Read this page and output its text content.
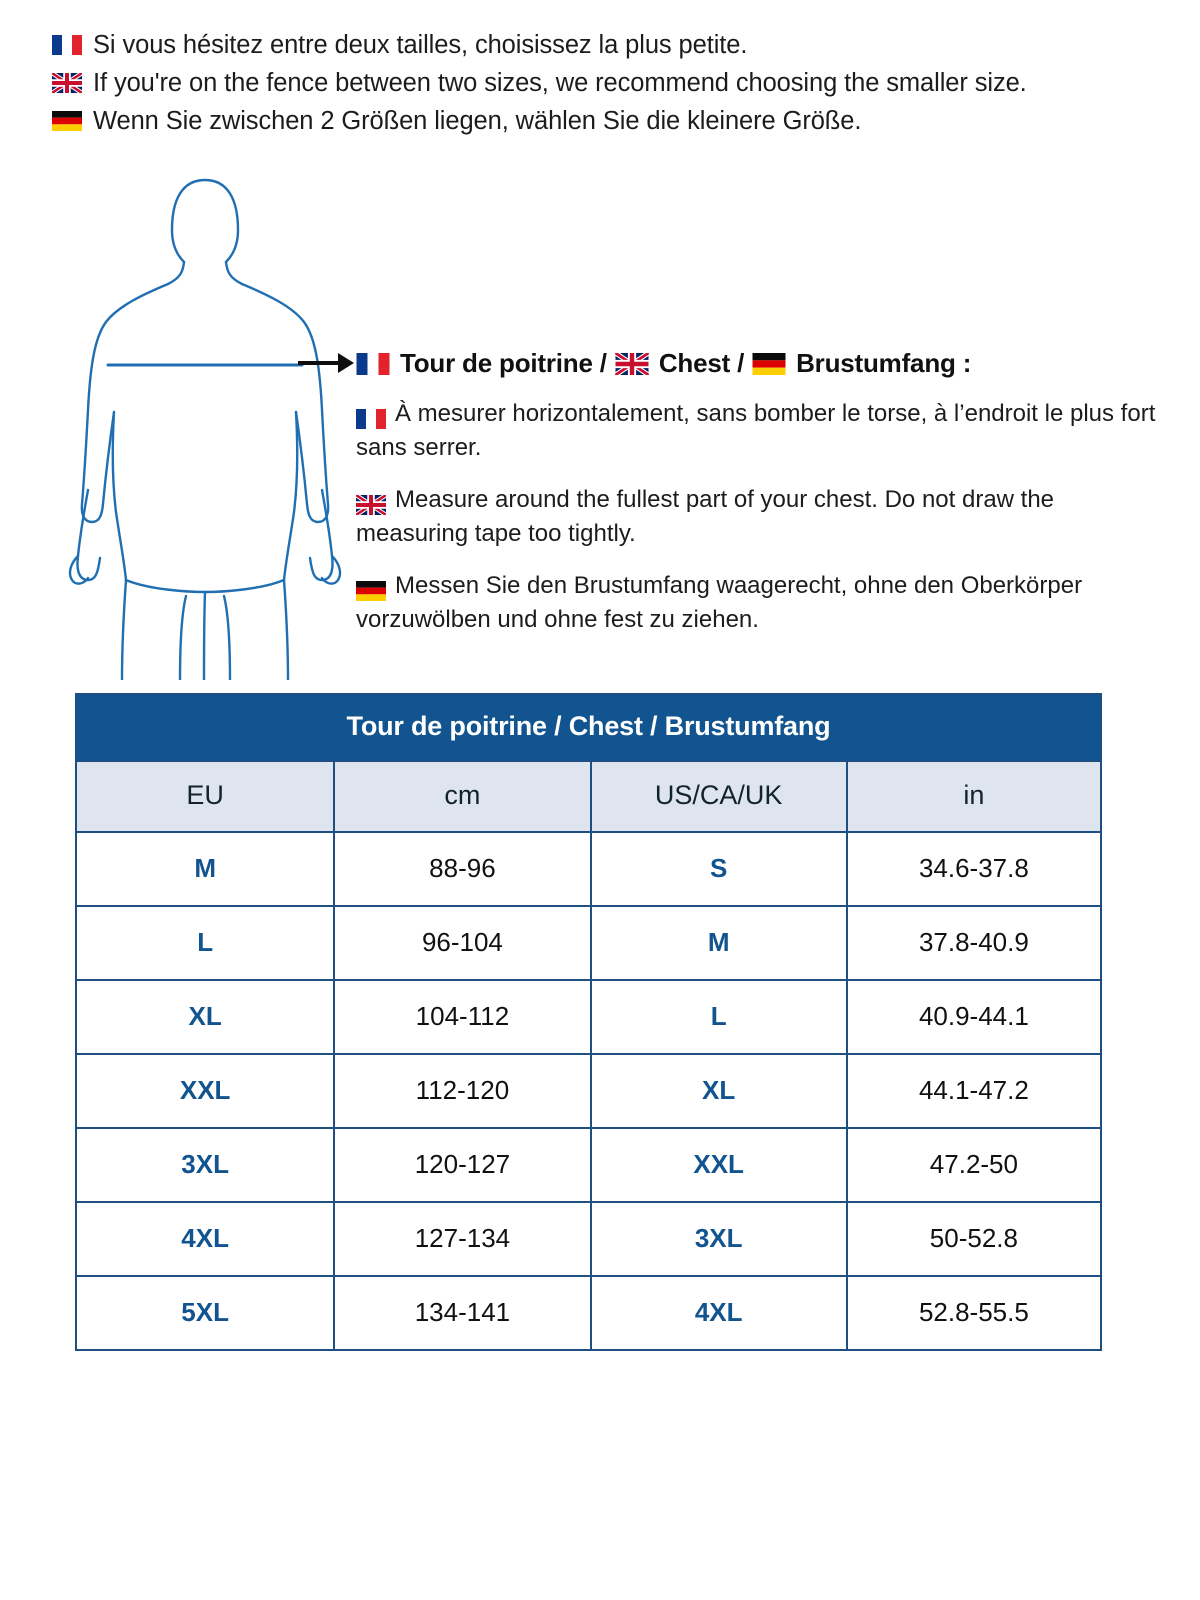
Si vous hésitez entre deux tailles, choisissez la plus petite.
If you're on the fence between two sizes, we recommend choosing the smaller size.
Wenn Sie zwischen 2 Größen liegen, wählen Sie die kleinere Größe.
Tour de poitrine / Chest / Brustumfang :
À mesurer horizontalement, sans bomber le torse, à l’endroit le plus fort sans serrer.
Measure around the fullest part of your chest. Do not draw the measuring tape too tightly.
Messen Sie den Brustumfang waagerecht, ohne den Oberkörper vorzuwölben und ohne fest zu ziehen.
Tour de poitrine / Chest / Brustumfang			
EU	cm	US/CA/UK	in
M	88-96	S	34.6-37.8
L	96-104	M	37.8-40.9
XL	104-112	L	40.9-44.1
XXL	112-120	XL	44.1-47.2
3XL	120-127	XXL	47.2-50
4XL	127-134	3XL	50-52.8
5XL	134-141	4XL	52.8-55.5
